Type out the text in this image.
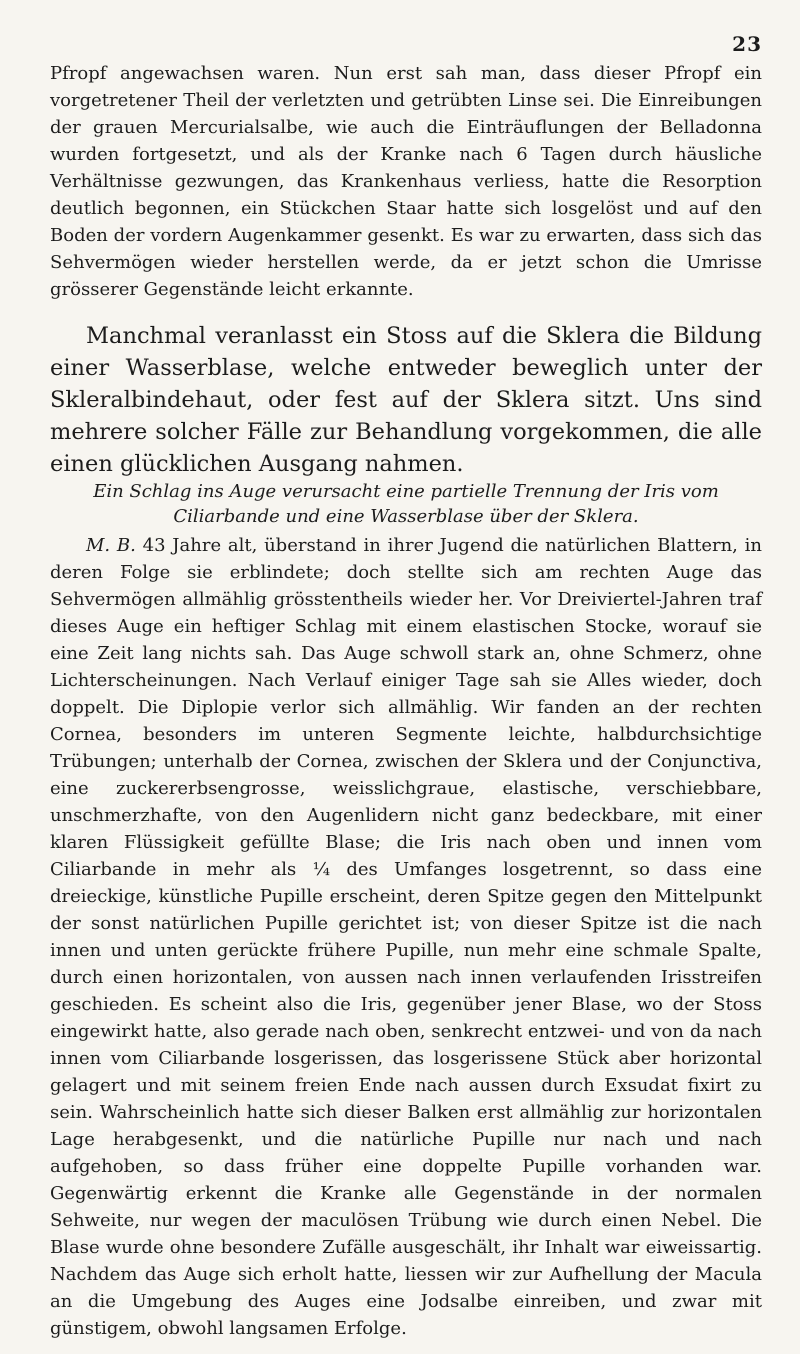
23

Pfropf angewachsen waren. Nun erst sah man, dass dieser Pfropf ein vorgetretener Theil der verletzten und getrübten Linse sei. Die Einreibungen der grauen Mercurialsalbe, wie auch die Einträuflungen der Belladonna wurden fortgesetzt, und als der Kranke nach 6 Tagen durch häusliche Verhältnisse gezwungen, das Krankenhaus verliess, hatte die Resorption deutlich begonnen, ein Stückchen Staar hatte sich losgelöst und auf den Boden der vordern Augenkammer gesenkt. Es war zu erwarten, dass sich das Sehvermögen wieder herstellen werde, da er jetzt schon die Umrisse grösserer Gegenstände leicht erkannte.

Manchmal veranlasst ein Stoss auf die Sklera die Bildung einer Wasserblase, welche entweder beweglich unter der Skleralbindehaut, oder fest auf der Sklera sitzt. Uns sind mehrere solcher Fälle zur Behandlung vorgekommen, die alle einen glücklichen Ausgang nahmen.

Ein Schlag ins Auge verursacht eine partielle Trennung der Iris vom Ciliarbande und eine Wasserblase über der Sklera.

M. B. 43 Jahre alt, überstand in ihrer Jugend die natürlichen Blattern, in deren Folge sie erblindete; doch stellte sich am rechten Auge das Sehvermögen allmählig grösstentheils wieder her. Vor Dreiviertel-Jahren traf dieses Auge ein heftiger Schlag mit einem elastischen Stocke, worauf sie eine Zeit lang nichts sah. Das Auge schwoll stark an, ohne Schmerz, ohne Lichterscheinungen. Nach Verlauf einiger Tage sah sie Alles wieder, doch doppelt. Die Diplopie verlor sich allmählig. Wir fanden an der rechten Cornea, besonders im unteren Segmente leichte, halbdurchsichtige Trübungen; unterhalb der Cornea, zwischen der Sklera und der Conjunctiva, eine zuckererbsengrosse, weisslichgraue, elastische, verschiebbare, unschmerzhafte, von den Augenlidern nicht ganz bedeckbare, mit einer klaren Flüssigkeit gefüllte Blase; die Iris nach oben und innen vom Ciliarbande in mehr als ¼ des Umfanges losgetrennt, so dass eine dreieckige, künstliche Pupille erscheint, deren Spitze gegen den Mittelpunkt der sonst natürlichen Pupille gerichtet ist; von dieser Spitze ist die nach innen und unten gerückte frühere Pupille, nun mehr eine schmale Spalte, durch einen horizontalen, von aussen nach innen verlaufenden Irisstreifen geschieden. Es scheint also die Iris, gegenüber jener Blase, wo der Stoss eingewirkt hatte, also gerade nach oben, senkrecht entzwei- und von da nach innen vom Ciliarbande losgerissen, das losgerissene Stück aber horizontal gelagert und mit seinem freien Ende nach aussen durch Exsudat fixirt zu sein. Wahrscheinlich hatte sich dieser Balken erst allmählig zur horizontalen Lage herabgesenkt, und die natürliche Pupille nur nach und nach aufgehoben, so dass früher eine doppelte Pupille vorhanden war. Gegenwärtig erkennt die Kranke alle Gegenstände in der normalen Sehweite, nur wegen der maculösen Trübung wie durch einen Nebel. Die Blase wurde ohne besondere Zufälle ausgeschält, ihr Inhalt war eiweissartig. Nachdem das Auge sich erholt hatte, liessen wir zur Aufhellung der Macula an die Umgebung des Auges eine Jodsalbe einreiben, und zwar mit günstigem, obwohl langsamen Erfolge.
